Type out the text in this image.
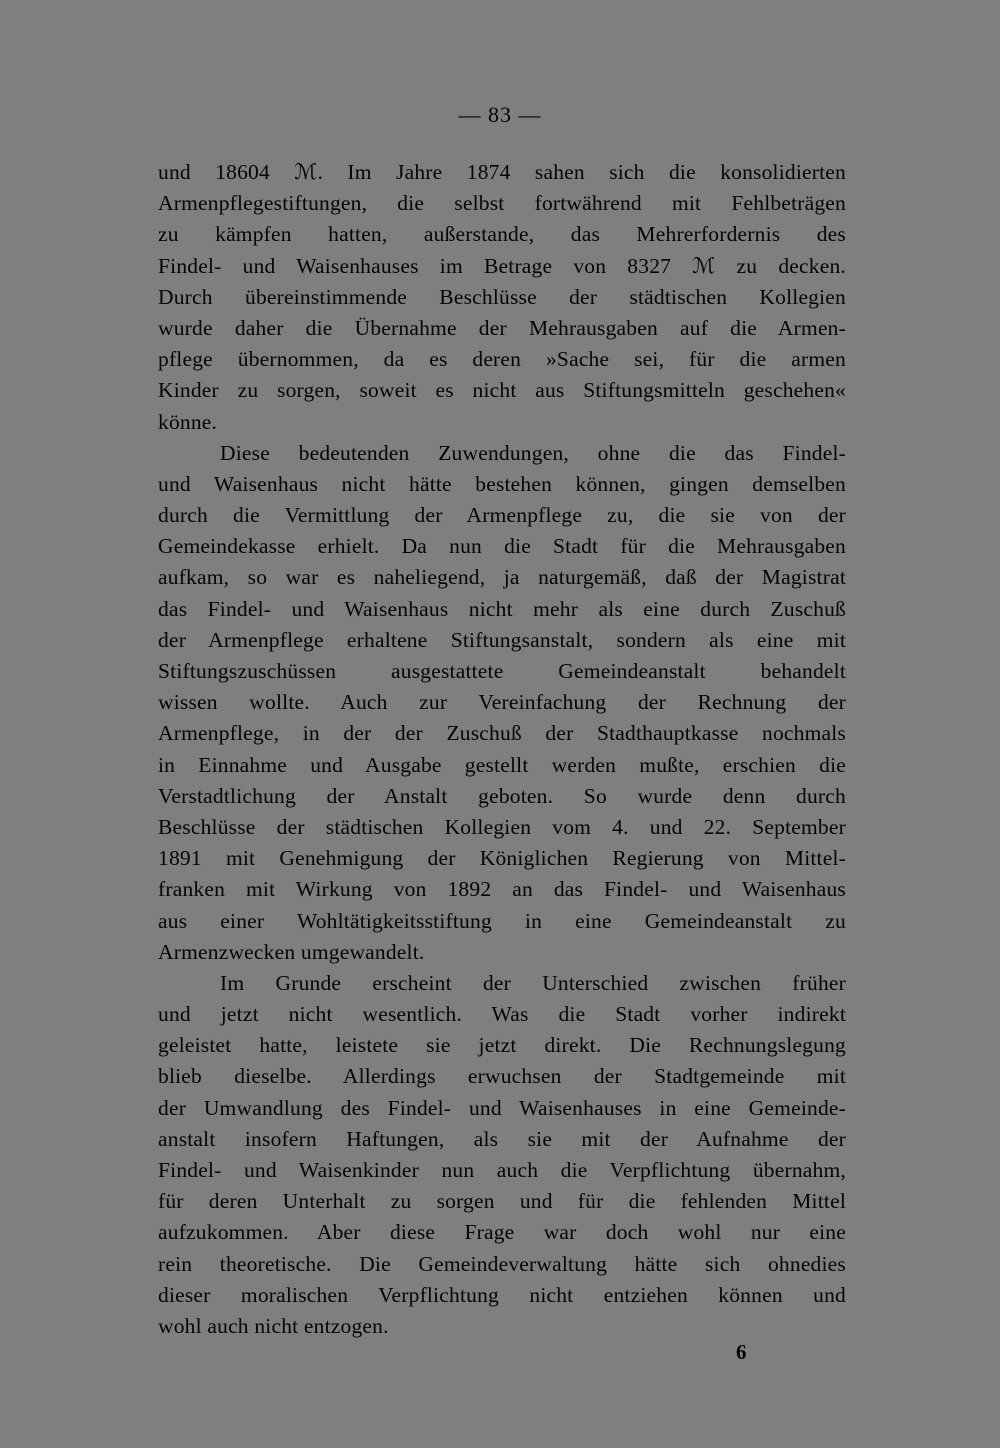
— 83 —
und 18604 ℳ. Im Jahre 1874 sahen sich die konsolidierten
Armenpflegestiftungen, die selbst fortwährend mit Fehlbeträgen
zu kämpfen hatten, außerstande, das Mehrerfordernis des
Findel- und Waisenhauses im Betrage von 8327 ℳ zu decken.
Durch übereinstimmende Beschlüsse der städtischen Kollegien
wurde daher die Übernahme der Mehrausgaben auf die Armen-
pflege übernommen, da es deren »Sache sei, für die armen
Kinder zu sorgen, soweit es nicht aus Stiftungsmitteln geschehen«
könne.
Diese bedeutenden Zuwendungen, ohne die das Findel-
und Waisenhaus nicht hätte bestehen können, gingen demselben
durch die Vermittlung der Armenpflege zu, die sie von der
Gemeindekasse erhielt. Da nun die Stadt für die Mehrausgaben
aufkam, so war es naheliegend, ja naturgemäß, daß der Magistrat
das Findel- und Waisenhaus nicht mehr als eine durch Zuschuß
der Armenpflege erhaltene Stiftungsanstalt, sondern als eine mit
Stiftungszuschüssen ausgestattete Gemeindeanstalt behandelt
wissen wollte. Auch zur Vereinfachung der Rechnung der
Armenpflege, in der der Zuschuß der Stadthauptkasse nochmals
in Einnahme und Ausgabe gestellt werden mußte, erschien die
Verstadtlichung der Anstalt geboten. So wurde denn durch
Beschlüsse der städtischen Kollegien vom 4. und 22. September
1891 mit Genehmigung der Königlichen Regierung von Mittel-
franken mit Wirkung von 1892 an das Findel- und Waisenhaus
aus einer Wohltätigkeitsstiftung in eine Gemeindeanstalt zu
Armenzwecken umgewandelt.
Im Grunde erscheint der Unterschied zwischen früher
und jetzt nicht wesentlich. Was die Stadt vorher indirekt
geleistet hatte, leistete sie jetzt direkt. Die Rechnungslegung
blieb dieselbe. Allerdings erwuchsen der Stadtgemeinde mit
der Umwandlung des Findel- und Waisenhauses in eine Gemeinde-
anstalt insofern Haftungen, als sie mit der Aufnahme der
Findel- und Waisenkinder nun auch die Verpflichtung übernahm,
für deren Unterhalt zu sorgen und für die fehlenden Mittel
aufzukommen. Aber diese Frage war doch wohl nur eine
rein theoretische. Die Gemeindeverwaltung hätte sich ohnedies
dieser moralischen Verpflichtung nicht entziehen können und
wohl auch nicht entzogen.
6
